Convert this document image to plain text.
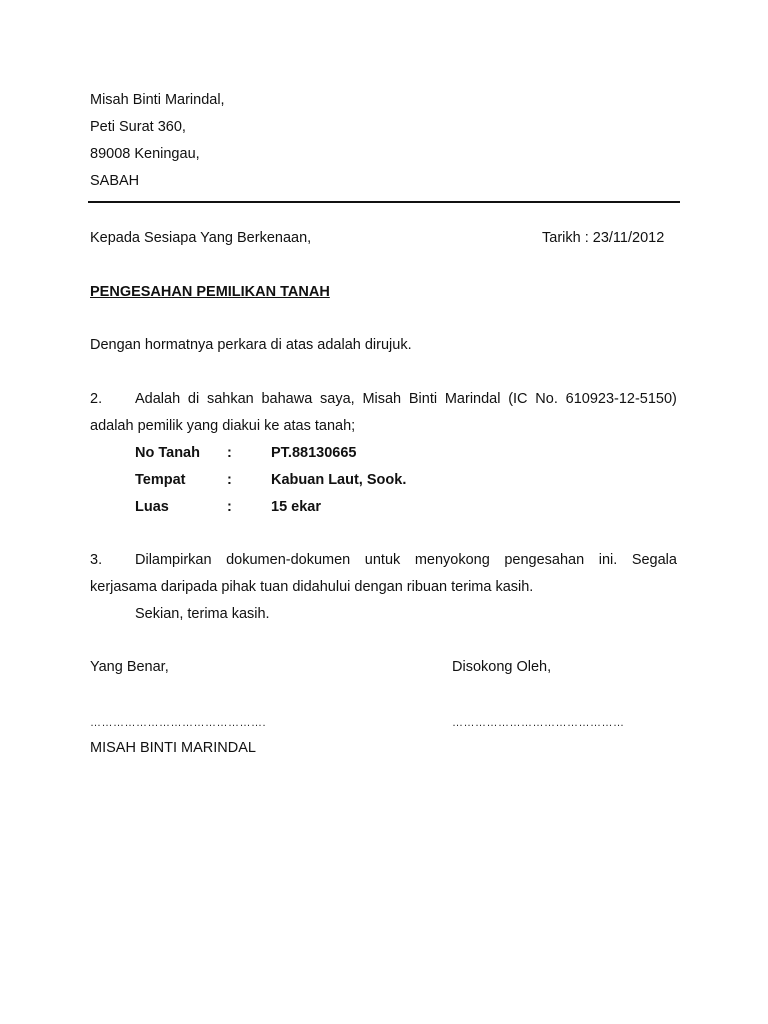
Misah Binti Marindal,
Peti Surat 360,
89008 Keningau,
SABAH
Kepada Sesiapa Yang Berkenaan,	Tarikh : 23/11/2012
PENGESAHAN PEMILIKAN TANAH
Dengan hormatnya perkara di atas adalah dirujuk.
2.	Adalah di sahkan bahawa saya, Misah Binti Marindal (IC No. 610923-12-5150)
adalah pemilik yang diakui ke atas tanah;
No Tanah :	PT.88130665
Tempat	:	Kabuan Laut, Sook.
Luas	:	15 ekar
3.	Dilampirkan dokumen-dokumen untuk menyokong pengesahan ini. Segala
kerjasama daripada pihak tuan didahului dengan ribuan terima kasih.
Sekian, terima kasih.
Yang Benar,	Disokong Oleh,
……………………………………….	………………………………………
MISAH BINTI MARINDAL
